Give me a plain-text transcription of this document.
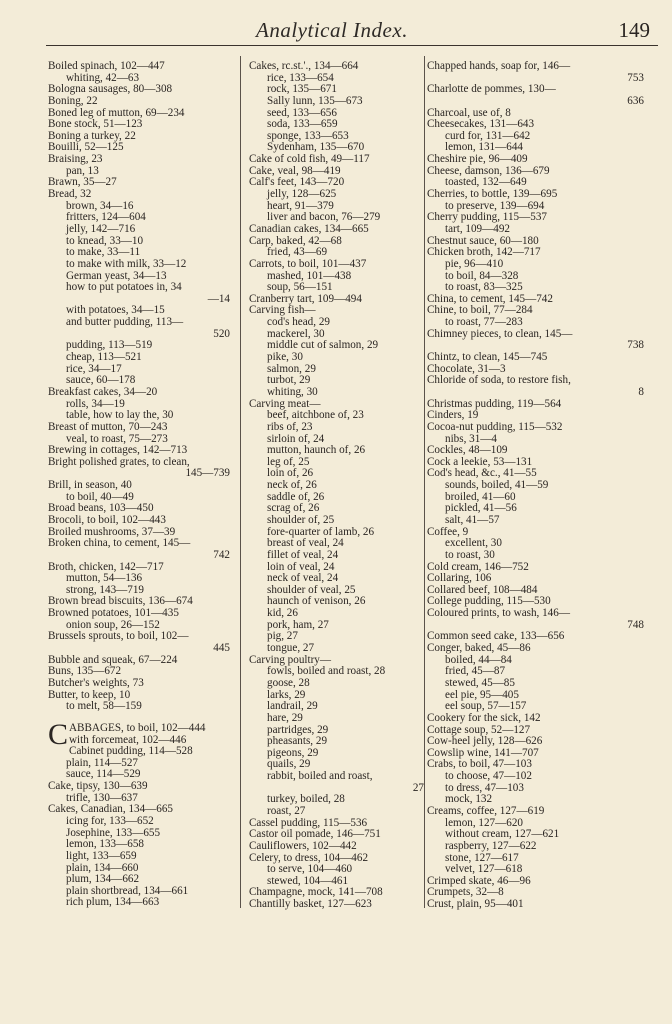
Analytical Index.	149
Boiled spinach, 102—447
whiting, 42—63
Bologna sausages, 80—308
Boning, 22
Boned leg of mutton, 69—234
Bone stock, 51—123
Boning a turkey, 22
Bouilli, 52—125
Braising, 23
pan, 13
Brawn, 35—27
Bread, 32
brown, 34—16
fritters, 124—604
jelly, 142—716
to knead, 33—10
to make, 33—11
to make with milk, 33—12
German yeast, 34—13
how to put potatoes in, 34
—14
with potatoes, 34—15
and butter pudding, 113—
520
pudding, 113—519
cheap, 113—521
rice, 34—17
sauce, 60—178
Breakfast cakes, 34—20
rolls, 34—19
table, how to lay the, 30
Breast of mutton, 70—243
veal, to roast, 75—273
Brewing in cottages, 142—713
Bright polished grates, to clean,
145—739
Brill, in season, 40
to boil, 40—49
Broad beans, 103—450
Brocoli, to boil, 102—443
Broiled mushrooms, 37—39
Broken china, to cement, 145—
742
Broth, chicken, 142—717
mutton, 54—136
strong, 143—719
Brown bread biscuits, 136—674
Browned potatoes, 101—435
onion soup, 26—152
Brussels sprouts, to boil, 102—
445
Bubble and squeak, 67—224
Buns, 135—672
Butcher's weights, 73
Butter, to keep, 10
to melt, 58—159
C ABBAGES, to boil, 102—444
with forcemeat, 102—446
Cabinet pudding, 114—528
plain, 114—527
sauce, 114—529
Cake, tipsy, 130—639
trifle, 130—637
Cakes, Canadian, 134—665
icing for, 133—652
Josephine, 133—655
lemon, 133—658
light, 133—659
plain, 134—660
plum, 134—662
plain shortbread, 134—661
rich plum, 134—663
Cakes, rc.st.'., 134—664
rice, 133—654
rock, 135—671
Sally lunn, 135—673
seed, 133—656
soda, 133—659
sponge, 133—653
Sydenham, 135—670
Cake of cold fish, 49—117
Cake, veal, 98—419
Calf's feet, 143—720
jelly, 128—625
heart, 91—379
liver and bacon, 76—279
Canadian cakes, 134—665
Carp, baked, 42—68
fried, 43—69
Carrots, to boil, 101—437
mashed, 101—438
soup, 56—151
Cranberry tart, 109—494
Carving fish—
cod's head, 29
mackerel, 30
middle cut of salmon, 29
pike, 30
salmon, 29
turbot, 29
whiting, 30
Carving meat—
beef, aitchbone of, 23
ribs of, 23
sirloin of, 24
mutton, haunch of, 26
leg of, 25
loin of, 26
neck of, 26
saddle of, 26
scrag of, 26
shoulder of, 25
fore-quarter of lamb, 26
breast of veal, 24
fillet of veal, 24
loin of veal, 24
neck of veal, 24
shoulder of veal, 25
haunch of venison, 26
kid, 26
pork, ham, 27
pig, 27
tongue, 27
Carving poultry—
fowls, boiled and roast, 28
goose, 28
larks, 29
landrail, 29
hare, 29
partridges, 29
pheasants, 29
pigeons, 29
quails, 29
rabbit, boiled and roast,
27
turkey, boiled, 28
roast, 27
Cassel pudding, 115—536
Castor oil pomade, 146—751
Cauliflowers, 102—442
Celery, to dress, 104—462
to serve, 104—460
stewed, 104—461
Champagne, mock, 141—708
Chantilly basket, 127—623
Chapped hands, soap for, 146—
753
Charlotte de pommes, 130—
636
Charcoal, use of, 8
Cheesecakes, 131—643
curd for, 131—642
lemon, 131—644
Cheshire pie, 96—409
Cheese, damson, 136—679
toasted, 132—649
Cherries, to bottle, 139—695
to preserve, 139—694
Cherry pudding, 115—537
tart, 109—492
Chestnut sauce, 60—180
Chicken broth, 142—717
pie, 96—410
to boil, 84—328
to roast, 83—325
China, to cement, 145—742
Chine, to boil, 77—284
to roast, 77—283
Chimney pieces, to clean, 145—
738
Chintz, to clean, 145—745
Chocolate, 31—3
Chloride of soda, to restore fish,
8
Christmas pudding, 119—564
Cinders, 19
Cocoa-nut pudding, 115—532
nibs, 31—4
Cockles, 48—109
Cock a leekie, 53—131
Cod's head, &c., 41—55
sounds, boiled, 41—59
broiled, 41—60
pickled, 41—56
salt, 41—57
Coffee, 9
excellent, 30
to roast, 30
Cold cream, 146—752
Collaring, 106
Collared beef, 108—484
College pudding, 115—530
Coloured prints, to wash, 146—
748
Common seed cake, 133—656
Conger, baked, 45—86
boiled, 44—84
fried, 45—87
stewed, 45—85
eel pie, 95—405
eel soup, 57—157
Cookery for the sick, 142
Cottage soup, 52—127
Cow-heel jelly, 128—626
Cowslip wine, 141—707
Crabs, to boil, 47—103
to choose, 47—102
to dress, 47—103
mock, 132
Creams, coffee, 127—619
lemon, 127—620
without cream, 127—621
raspberry, 127—622
stone, 127—617
velvet, 127—618
Crimped skate, 46—96
Crumpets, 32—8
Crust, plain, 95—401
